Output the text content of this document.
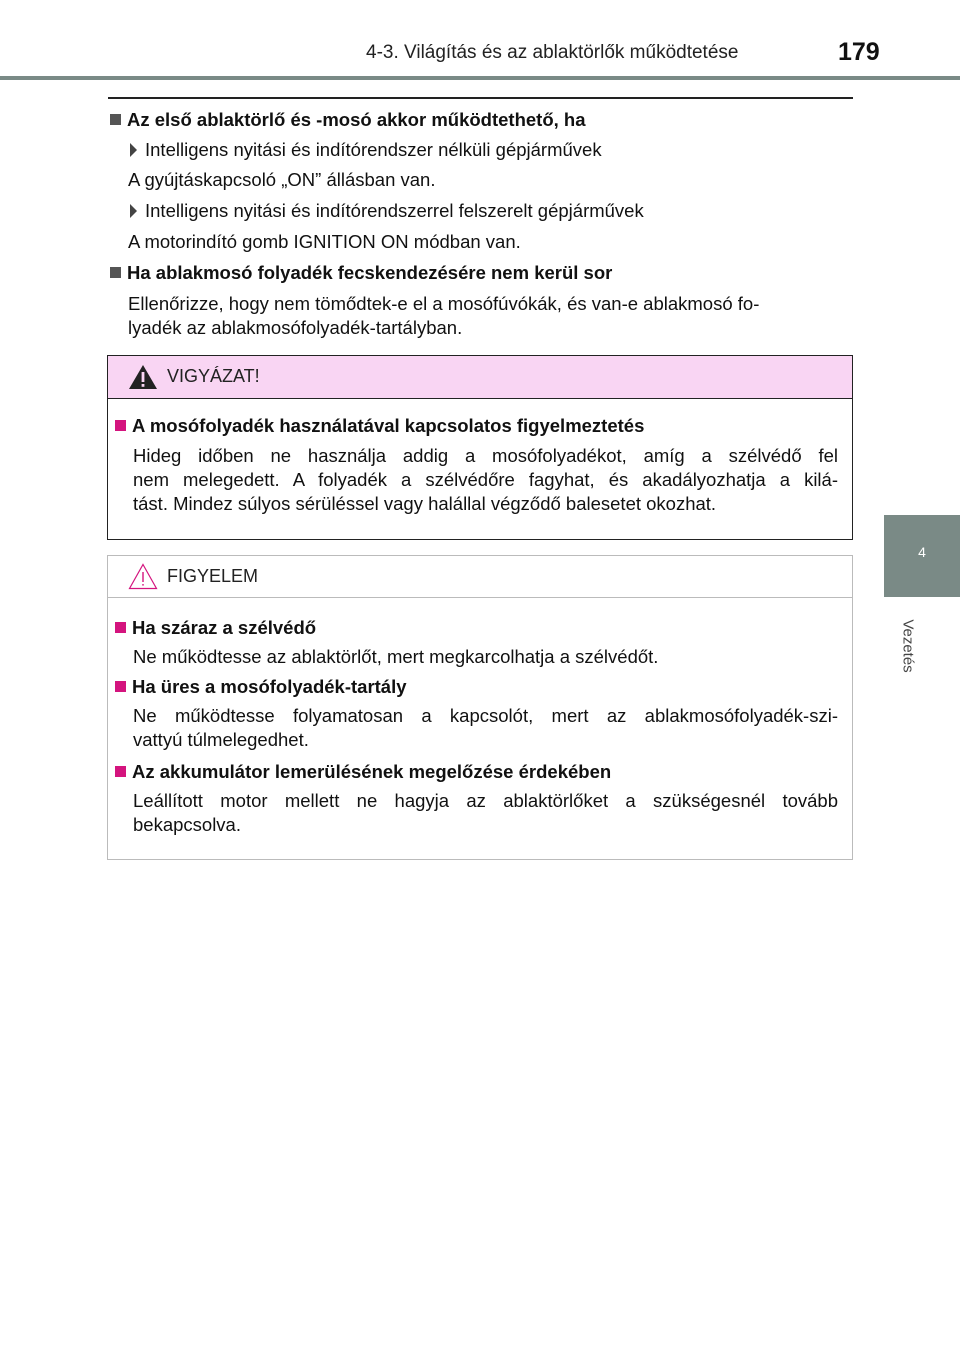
4-3. Világítás és az ablaktörlők működtetése	179
4
Vezetés
Az első ablaktörlő és -mosó akkor működtethető, ha
Intelligens nyitási és indítórendszer nélküli gépjárművek
A gyújtáskapcsoló „ON” állásban van.
Intelligens nyitási és indítórendszerrel felszerelt gépjárművek
A motorindító gomb IGNITION ON módban van.
Ha ablakmosó folyadék fecskendezésére nem kerül sor
Ellenőrizze, hogy nem tömődtek-e el a mosófúvókák, és van-e ablakmosó fo-
lyadék az ablakmosófolyadék-tartályban.
VIGYÁZAT!
A mosófolyadék használatával kapcsolatos figyelmeztetés
Hideg időben ne használja addig a mosófolyadékot, amíg a szélvédő fel
nem melegedett. A folyadék a szélvédőre fagyhat, és akadályozhatja a kilá-
tást. Mindez súlyos sérüléssel vagy halállal végződő balesetet okozhat.
FIGYELEM
Ha száraz a szélvédő
Ne működtesse az ablaktörlőt, mert megkarcolhatja a szélvédőt.
Ha üres a mosófolyadék-tartály
Ne működtesse folyamatosan a kapcsolót, mert az ablakmosófolyadék-szi-
vattyú túlmelegedhet.
Az akkumulátor lemerülésének megelőzése érdekében
Leállított motor mellett ne hagyja az ablaktörlőket a szükségesnél tovább
bekapcsolva.
